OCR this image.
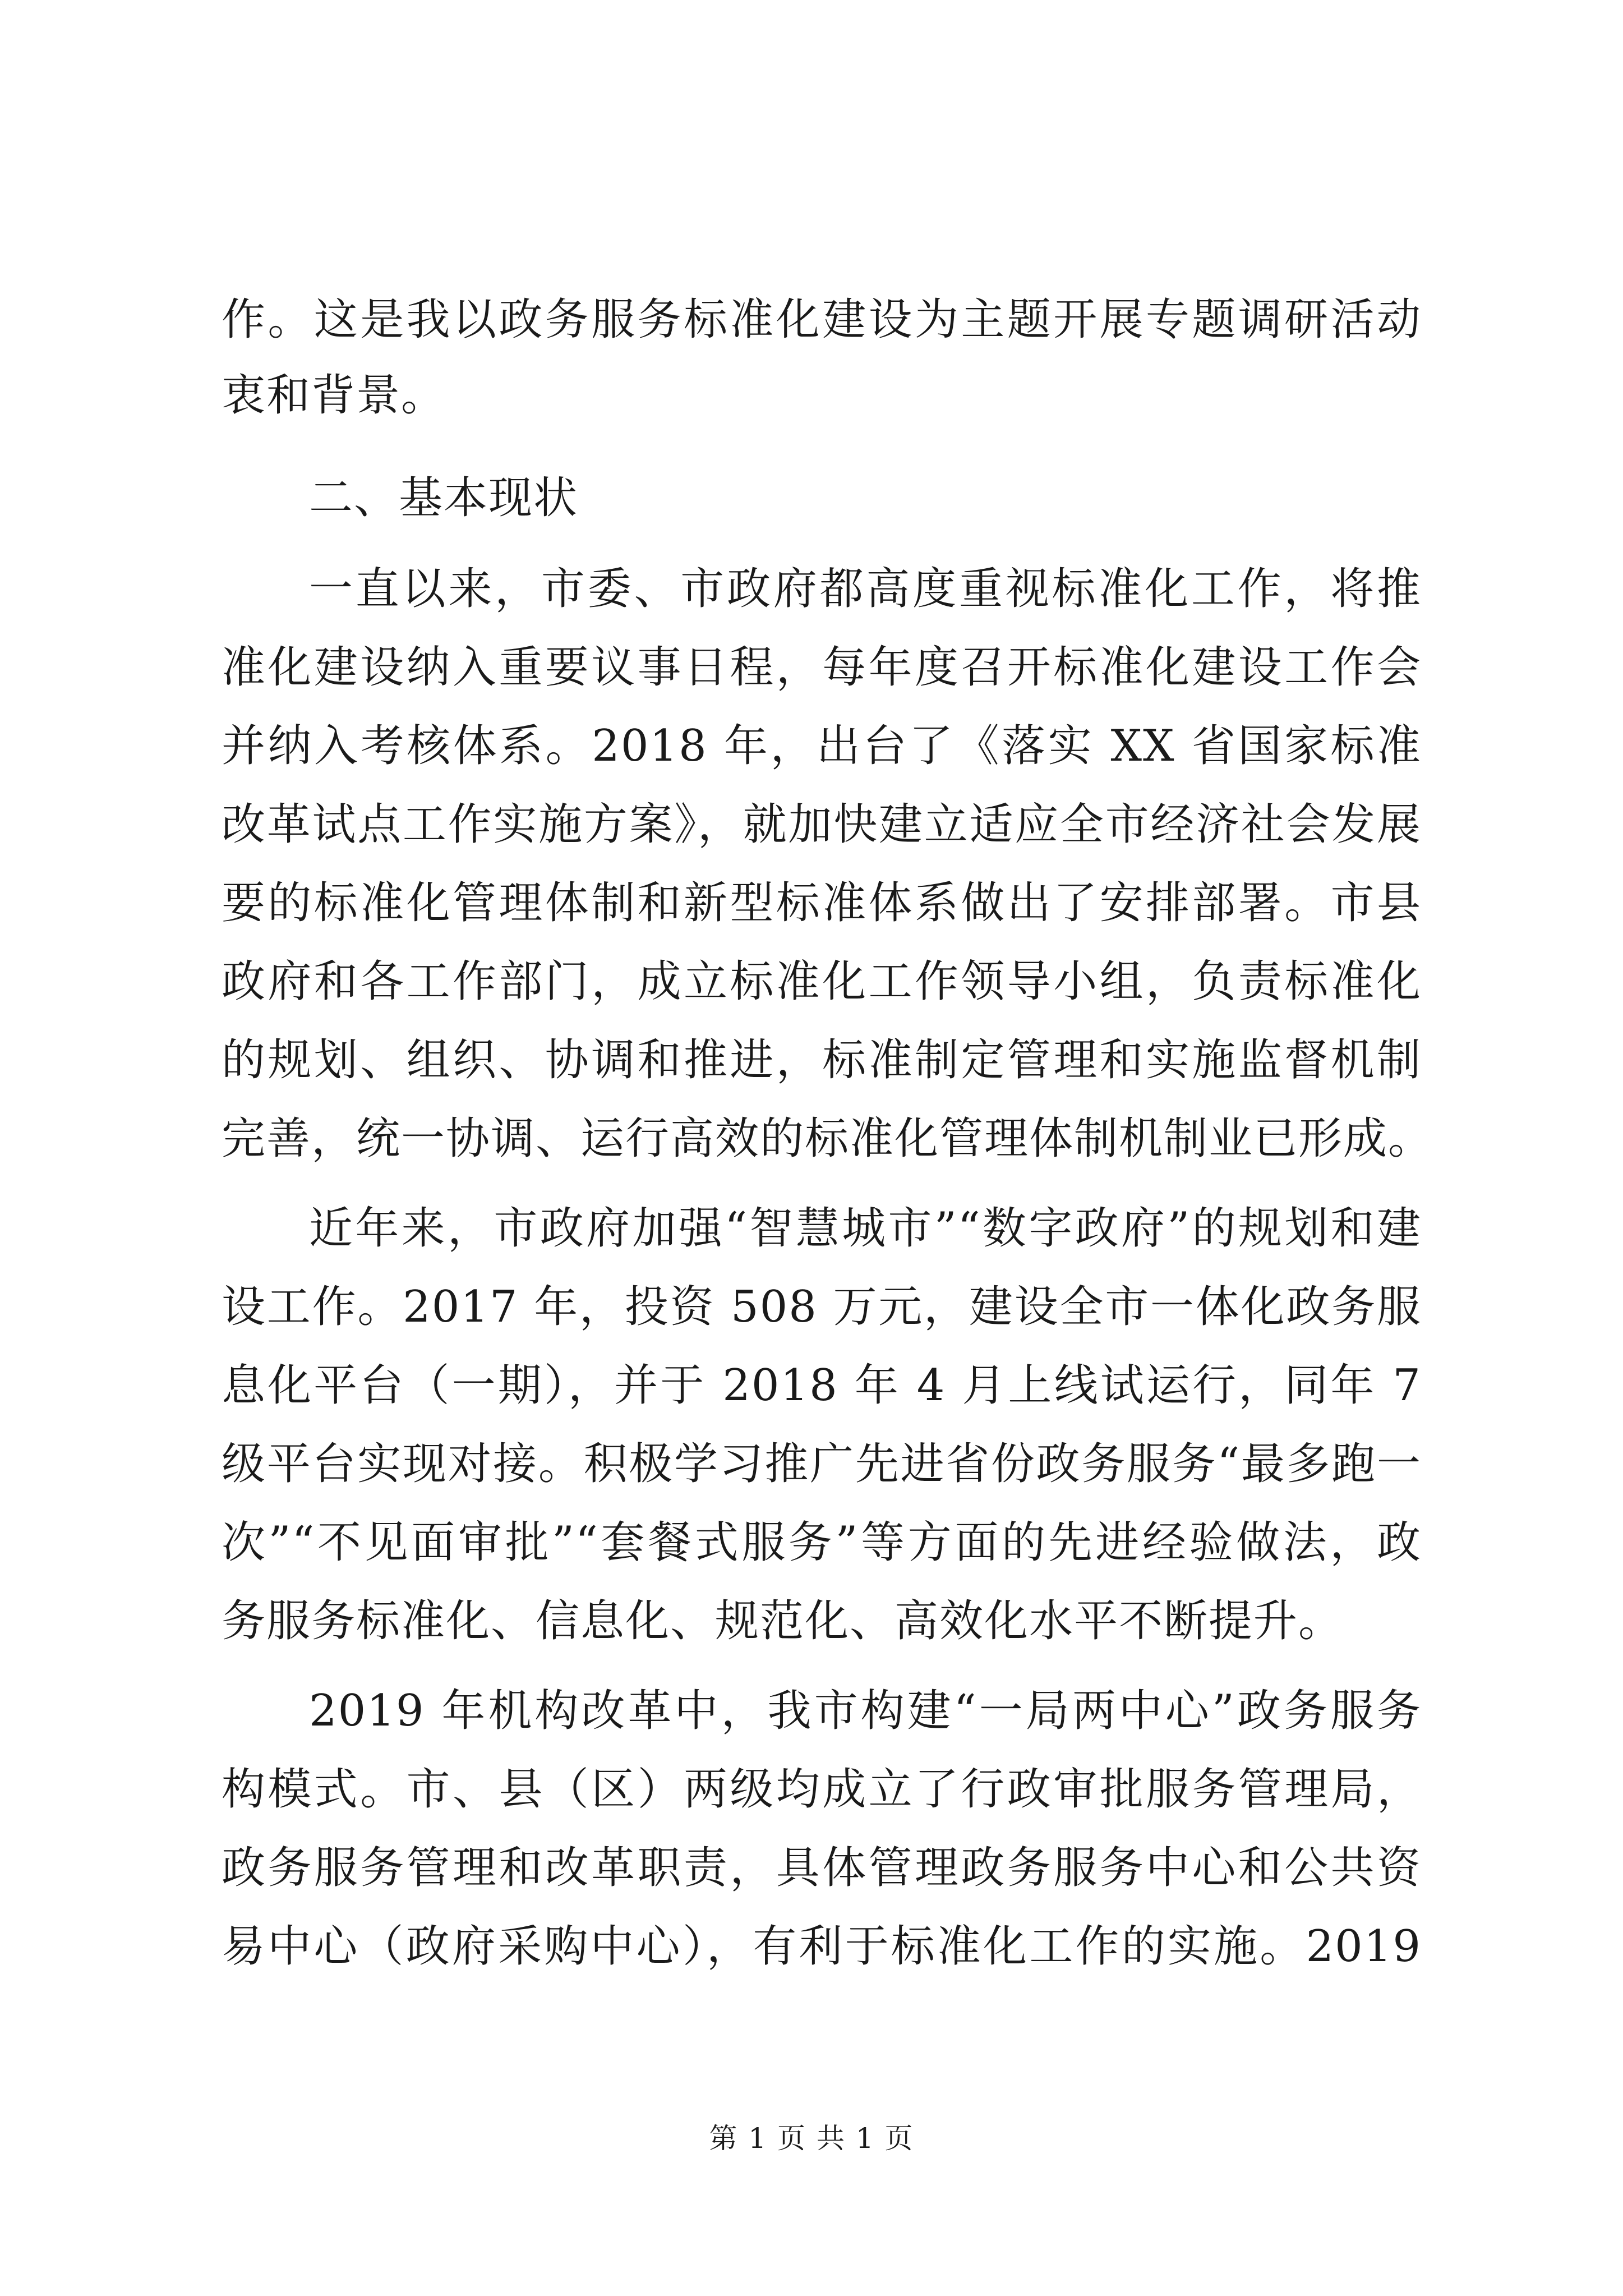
作。这是我以政务服务标准化建设为主题开展专题调研活动
衷和背景。
二、基本现状
一直以来，市委、市政府都高度重视标准化工作，将推
准化建设纳入重要议事日程，每年度召开标准化建设工作会
并纳入考核体系。2018 年，出台了《落实 XX 省国家标准
改革试点工作实施方案》，就加快建立适应全市经济社会发展
要的标准化管理体制和新型标准体系做出了安排部署。市县
政府和各工作部门，成立标准化工作领导小组，负责标准化
的规划、组织、协调和推进，标准制定管理和实施监督机制
完善，统一协调、运行高效的标准化管理体制机制业已形成。
近年来，市政府加强“智慧城市”“数字政府”的规划和建
设工作。2017 年，投资 508 万元，建设全市一体化政务服
息化平台（一期），并于 2018 年 4 月上线试运行，同年 7
级平台实现对接。积极学习推广先进省份政务服务“最多跑一
次”“不见面审批”“套餐式服务”等方面的先进经验做法，政
务服务标准化、信息化、规范化、高效化水平不断提升。
2019 年机构改革中，我市构建“一局两中心”政务服务
构模式。市、县（区）两级均成立了行政审批服务管理局，
政务服务管理和改革职责，具体管理政务服务中心和公共资
易中心（政府采购中心），有利于标准化工作的实施。2019
第 1 页 共 1 页
